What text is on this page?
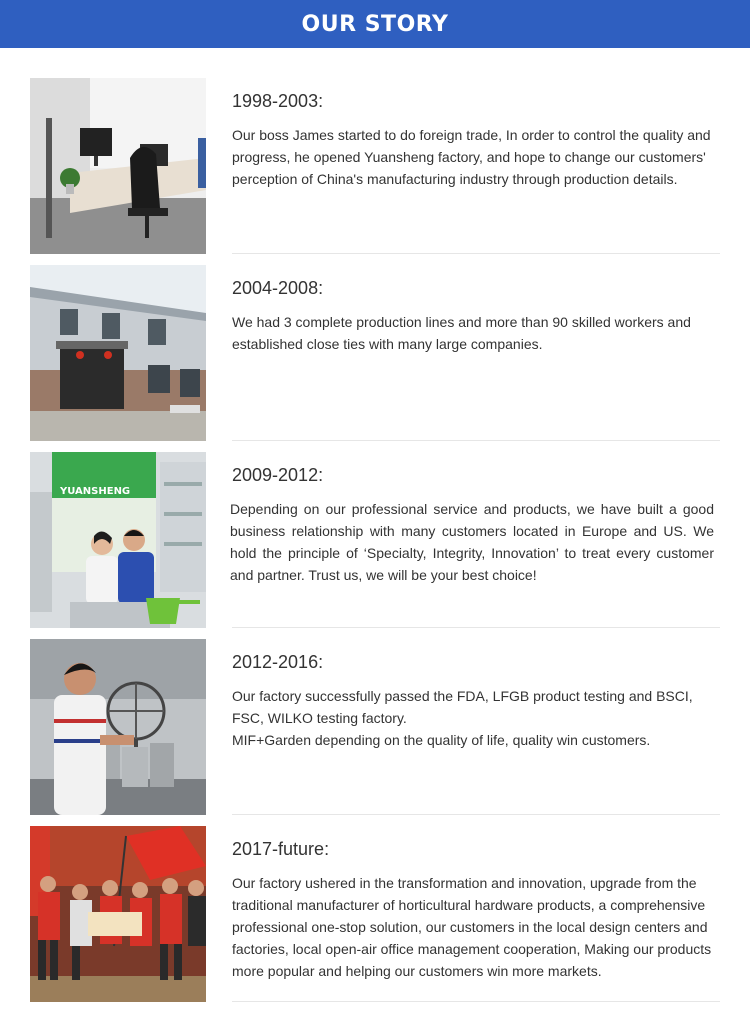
OUR STORY
1998-2003:

Our boss James started to do foreign trade, In order to control the quality and progress, he opened Yuansheng factory, and hope to change our customers' perception of China's manufacturing industry through production details.

2004-2008:

We had 3 complete production lines and more than 90 skilled workers and established close ties with many large companies.

YUANSHENG
2009-2012:

Depending on our professional service and products, we have built a good business relationship with many customers located in Europe and US. We hold the principle of ‘Specialty, Integrity, Innovation’ to treat every customer and partner. Trust us, we will be your best choice!

2012-2016:

Our factory successfully passed the FDA, LFGB product testing and BSCI, FSC, WILKO testing factory.

MIF+Garden depending on the quality of life, quality win customers.

2017-future:

Our factory ushered in the transformation and innovation, upgrade from the traditional manufacturer of horticultural hardware products, a comprehensive professional one-stop solution, our customers in the local design centers and factories, local open-air office management cooperation, Making our products more popular and helping our customers win more markets.
